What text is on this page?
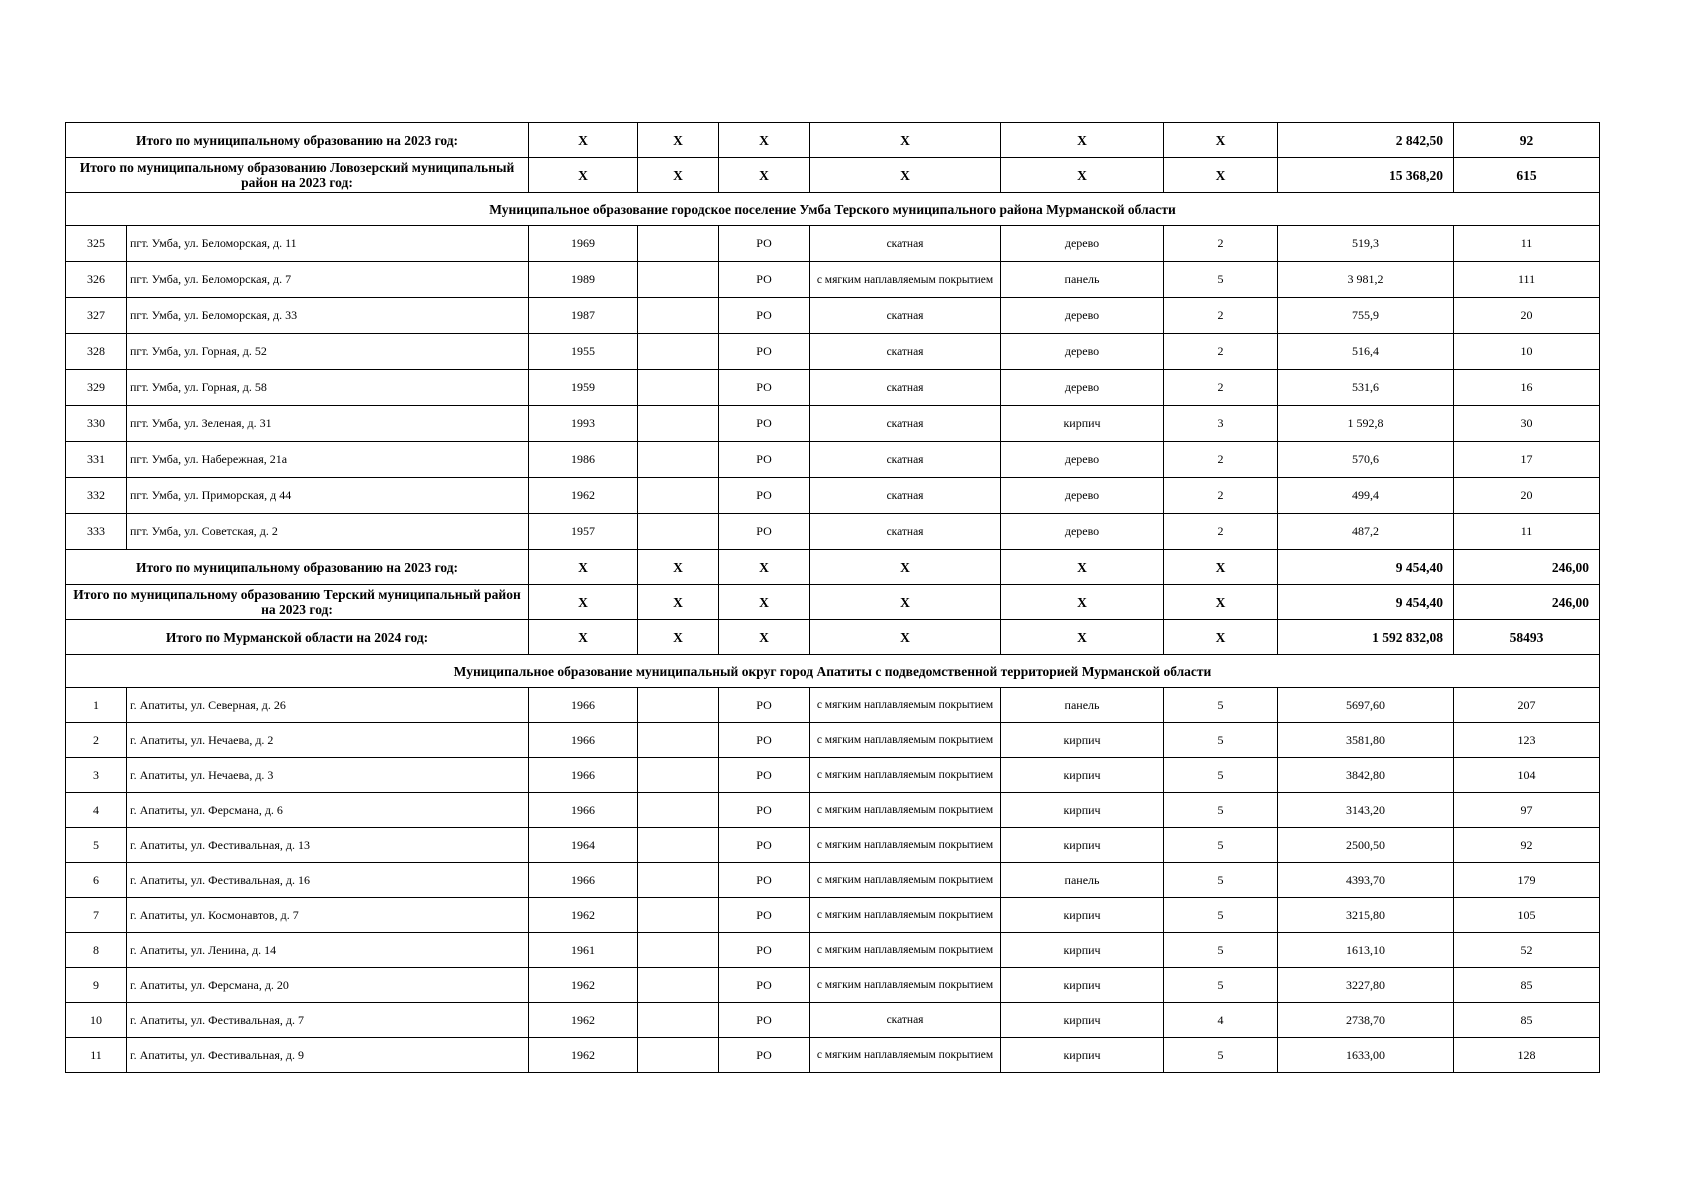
Итого по муниципальному образованию на 2023 год:		Х	Х	Х	Х	Х	Х	2 842,50	92
Итого по муниципальному образованию Ловозерский муниципальный район на 2023 год:		Х	Х	Х	Х	Х	Х	15 368,20	615
Муниципальное образование городское поселение Умба Терского муниципального района Мурманской области									
325	пгт. Умба, ул. Беломорская, д. 11	1969		РО	скатная	дерево	2	519,3	11
326	пгт. Умба, ул. Беломорская, д. 7	1989		РО	с мягким наплавляемым покрытием	панель	5	3 981,2	111
327	пгт. Умба, ул. Беломорская, д. 33	1987		РО	скатная	дерево	2	755,9	20
328	пгт. Умба, ул. Горная, д. 52	1955		РО	скатная	дерево	2	516,4	10
329	пгт. Умба, ул. Горная, д. 58	1959		РО	скатная	дерево	2	531,6	16
330	пгт. Умба, ул. Зеленая, д. 31	1993		РО	скатная	кирпич	3	1 592,8	30
331	пгт. Умба, ул. Набережная, 21а	1986		РО	скатная	дерево	2	570,6	17
332	пгт. Умба, ул. Приморская, д 44	1962		РО	скатная	дерево	2	499,4	20
333	пгт. Умба, ул. Советская, д. 2	1957		РО	скатная	дерево	2	487,2	11
Итого по муниципальному образованию на 2023 год:		Х	Х	Х	Х	Х	Х	9 454,40	246,00
Итого по муниципальному образованию Терский муниципальный район на 2023 год:		Х	Х	Х	Х	Х	Х	9 454,40	246,00
Итого по Мурманской области на 2024 год:		Х	Х	Х	Х	Х	Х	1 592 832,08	58493
Муниципальное образование муниципальный округ город Апатиты с подведомственной территорией Мурманской области									
1	г. Апатиты, ул. Северная, д. 26	1966		РО	с мягким наплавляемым покрытием	панель	5	5697,60	207
2	г. Апатиты, ул. Нечаева, д. 2	1966		РО	с мягким наплавляемым покрытием	кирпич	5	3581,80	123
3	г. Апатиты, ул. Нечаева, д. 3	1966		РО	с мягким наплавляемым покрытием	кирпич	5	3842,80	104
4	г. Апатиты, ул. Ферсмана, д. 6	1966		РО	с мягким наплавляемым покрытием	кирпич	5	3143,20	97
5	г. Апатиты, ул. Фестивальная, д. 13	1964		РО	с мягким наплавляемым покрытием	кирпич	5	2500,50	92
6	г. Апатиты, ул. Фестивальная, д. 16	1966		РО	с мягким наплавляемым покрытием	панель	5	4393,70	179
7	г. Апатиты, ул. Космонавтов, д. 7	1962		РО	с мягким наплавляемым покрытием	кирпич	5	3215,80	105
8	г. Апатиты, ул. Ленина, д. 14	1961		РО	с мягким наплавляемым покрытием	кирпич	5	1613,10	52
9	г. Апатиты, ул. Ферсмана, д. 20	1962		РО	с мягким наплавляемым покрытием	кирпич	5	3227,80	85
10	г. Апатиты, ул. Фестивальная, д. 7	1962		РО	скатная	кирпич	4	2738,70	85
11	г. Апатиты, ул. Фестивальная, д. 9	1962		РО	с мягким наплавляемым покрытием	кирпич	5	1633,00	128
